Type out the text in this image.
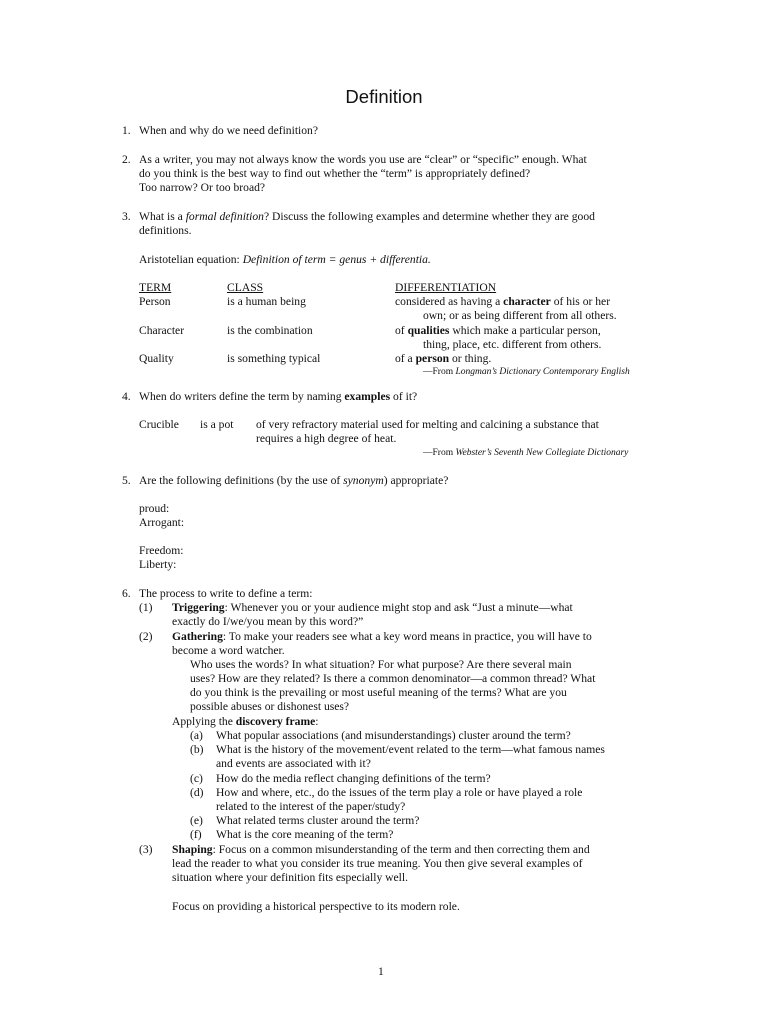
Definition
1. When and why do we need definition?
2. As a writer, you may not always know the words you use are “clear” or “specific” enough. What
do you think is the best way to find out whether the “term” is appropriately defined?
Too narrow? Or too broad?
3. What is a formal definition? Discuss the following examples and determine whether they are good
definitions.
Aristotelian equation: Definition of term = genus + differentia.
TERM	CLASS	DIFFERENTIATION
Person	is a human being	considered as having a character of his or her
own; or as being different from all others.
Character	is the combination	of qualities which make a particular person,
thing, place, etc. different from others.
Quality	is something typical	of a person or thing.
—From Longman’s Dictionary Contemporary English
4. When do writers define the term by naming examples of it?
Crucible is a pot of very refractory material used for melting and calcining a substance that
requires a high degree of heat.
—From Webster’s Seventh New Collegiate Dictionary
5. Are the following definitions (by the use of synonym) appropriate?
proud:
Arrogant:
Freedom:
Liberty:
6. The process to write to define a term:
(1) Triggering: Whenever you or your audience might stop and ask “Just a minute—what
exactly do I/we/you mean by this word?”
(2) Gathering: To make your readers see what a key word means in practice, you will have to
become a word watcher.
Who uses the words? In what situation? For what purpose? Are there several main
uses? How are they related? Is there a common denominator—a common thread? What
do you think is the prevailing or most useful meaning of the terms? What are you
possible abuses or dishonest uses?
Applying the discovery frame:
(a) What popular associations (and misunderstandings) cluster around the term?
(b) What is the history of the movement/event related to the term—what famous names
and events are associated with it?
(c) How do the media reflect changing definitions of the term?
(d) How and where, etc., do the issues of the term play a role or have played a role
related to the interest of the paper/study?
(e) What related terms cluster around the term?
(f) What is the core meaning of the term?
(3) Shaping: Focus on a common misunderstanding of the term and then correcting them and
lead the reader to what you consider its true meaning. You then give several examples of
situation where your definition fits especially well.
Focus on providing a historical perspective to its modern role.
1
